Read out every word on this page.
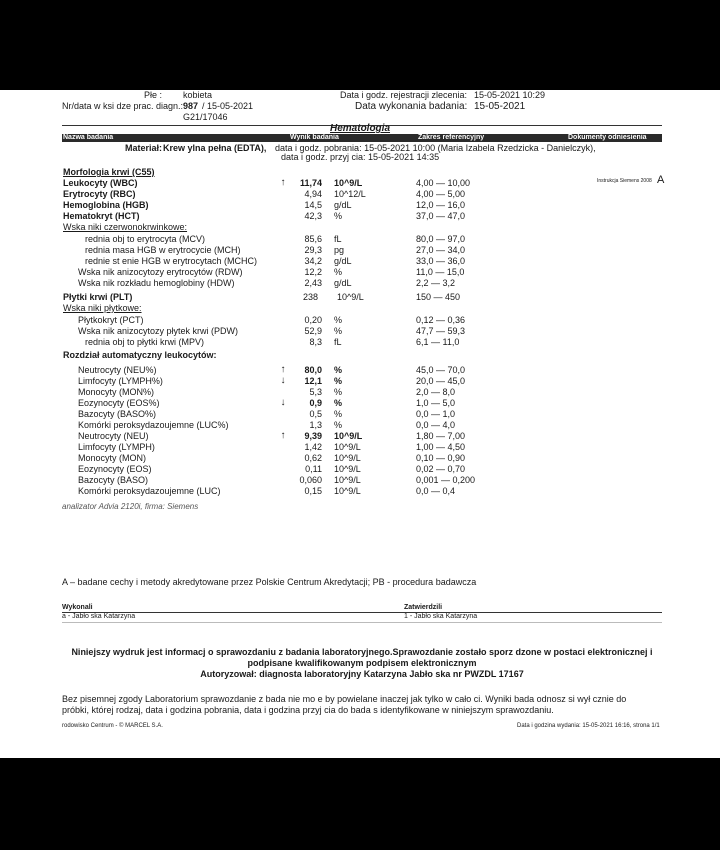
Płe : kobieta
Nr/data w ksi dze prac. diagn.: 987 / 15-05-2021
G21/17046
Data i godz. rejestracji zlecenia: 15-05-2021 10:29
Data wykonania badania: 15-05-2021
Hematologia
Nazwa badania	Wynik badania	Zakres referencyjny	Dokumenty odniesienia
Materiał: Krew ylna pełna (EDTA), data i godz. pobrania: 15-05-2021 10:00 (Maria Izabela Rzedzicka - Danielczyk),
data i godz. przyj cia: 15-05-2021 14:35
Morfologia krwi (C55)
Instrukcja Siemens 2008 A
Leukocyty (WBC)	↑	11,74 10^9/L	4,00 — 10,00
Erytrocyty (RBC)	4,94 10^12/L	4,00 — 5,00
Hemoglobina (HGB)	14,5 g/dL	12,0 — 16,0
Hematokryt (HCT)	42,3 %	37,0 — 47,0
Wska niki czerwonokrwinkowe:
rednia obj to erytrocyta (MCV)	85,6 fL	80,0 — 97,0
rednia masa HGB w erytrocycie (MCH)	29,3 pg	27,0 — 34,0
rednie st enie HGB w erytrocytach (MCHC)	34,2 g/dL	33,0 — 36,0
Wska nik anizocytozy erytrocytów (RDW)	12,2 %	11,0 — 15,0
Wska nik rozkładu hemoglobiny (HDW)	2,43 g/dL	2,2 — 3,2
Płytki krwi (PLT)	238 10^9/L	150 — 450
Wska niki płytkowe:
Płytkokryt (PCT)	0,20 %	0,12 — 0,36
Wska nik anizocytozy płytek krwi (PDW)	52,9 %	47,7 — 59,3
rednia obj to płytki krwi (MPV)	8,3 fL	6,1 — 11,0
Rozdział automatyczny leukocytów:
Neutrocyty (NEU%)	↑	80,0 %	45,0 — 70,0
Limfocyty (LYMPH%)	↓	12,1 %	20,0 — 45,0
Monocyty (MON%)	5,3 %	2,0 — 8,0
Eozynocyty (EOS%)	↓	0,9 %	1,0 — 5,0
Bazocyty (BASO%)	0,5 %	0,0 — 1,0
Komórki peroksydazoujemne (LUC%)	1,3 %	0,0 — 4,0
Neutrocyty (NEU)	↑	9,39 10^9/L	1,80 — 7,00
Limfocyty (LYMPH)	1,42 10^9/L	1,00 — 4,50
Monocyty (MON)	0,62 10^9/L	0,10 — 0,90
Eozynocyty (EOS)	0,11 10^9/L	0,02 — 0,70
Bazocyty (BASO)	0,060 10^9/L	0,001 — 0,200
Komórki peroksydazoujemne (LUC)	0,15 10^9/L	0,0 — 0,4
analizator Advia 2120i, firma: Siemens
A – badane cechy i metody akredytowane przez Polskie Centrum Akredytacji; PB - procedura badawcza
Wykonali
a - Jabło ska Katarzyna
Zatwierdzili
1 - Jabło ska Katarzyna
Niniejszy wydruk jest informacj o sprawozdaniu z badania laboratoryjnego.Sprawozdanie zostało sporz dzone w postaci elektronicznej i
podpisane kwalifikowanym podpisem elektronicznym
Autoryzował: diagnosta laboratoryjny Katarzyna Jabło ska nr PWZDL 17167
Bez pisemnej zgody Laboratorium sprawozdanie z bada nie mo e by powielane inaczej jak tylko w cało ci. Wyniki bada odnosz si wył cznie do
próbki, której rodzaj, data i godzina pobrania, data i godzina przyj cia do bada s identyfikowane w niniejszym sprawozdaniu.
rodowisko Centrum - © MARCEL S.A.	Data i godzina wydania: 15-05-2021 16:16, strona 1/1
